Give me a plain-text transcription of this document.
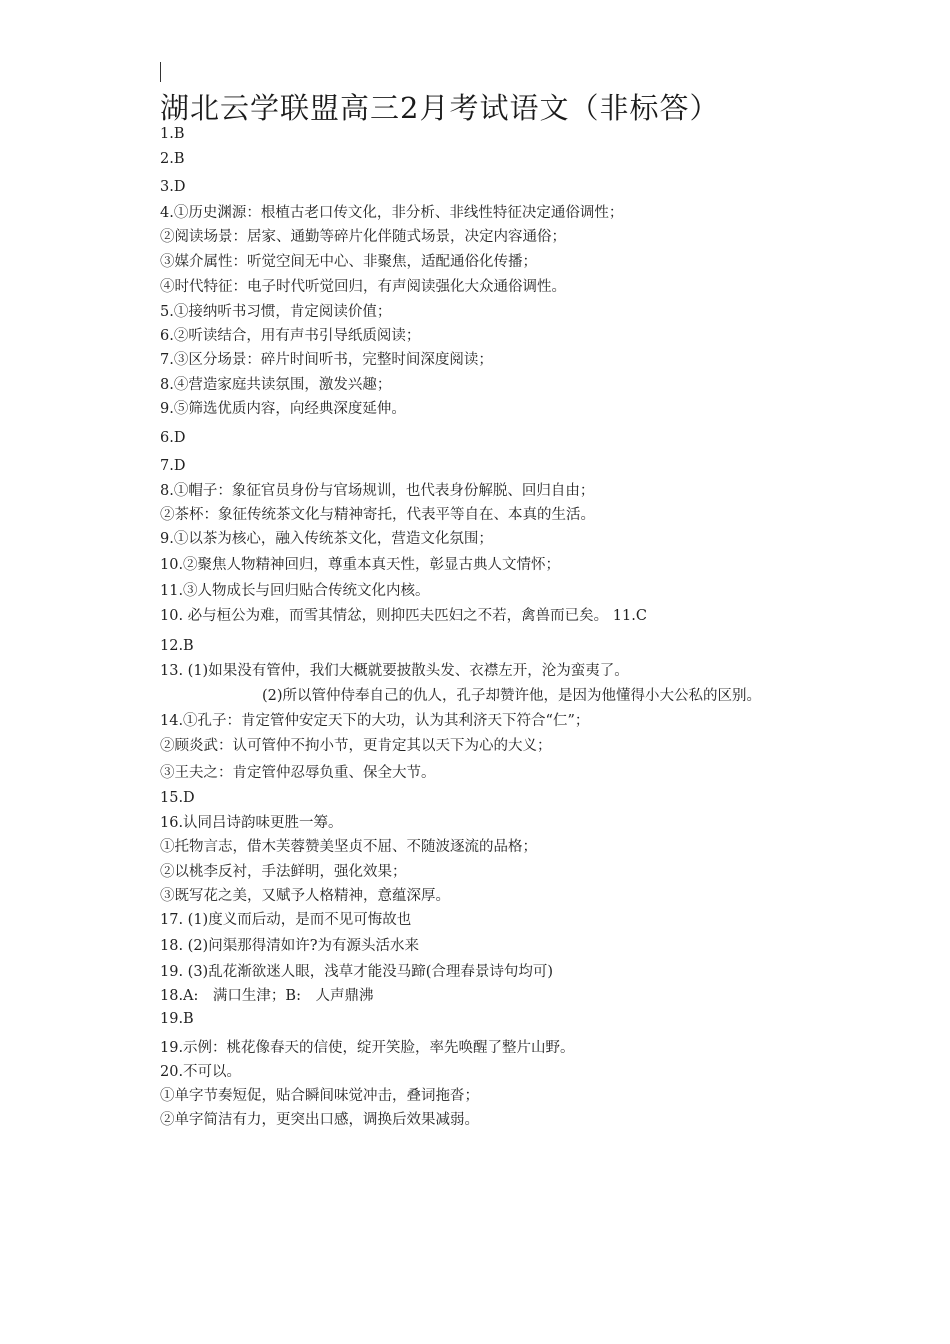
湖北云学联盟高三2月考试语文（非标答）
1.B
2.B
3.D
4.①历史渊源：根植古老口传文化，非分析、非线性特征决定通俗调性；
②阅读场景：居家、通勤等碎片化伴随式场景，决定内容通俗；
③媒介属性：听觉空间无中心、非聚焦，适配通俗化传播；
④时代特征：电子时代听觉回归，有声阅读强化大众通俗调性。
5.①接纳听书习惯，肯定阅读价值；
6.②听读结合，用有声书引导纸质阅读；
7.③区分场景：碎片时间听书，完整时间深度阅读；
8.④营造家庭共读氛围，激发兴趣；
9.⑤筛选优质内容，向经典深度延伸。
6.D
7.D
8.①帽子：象征官员身份与官场规训，也代表身份解脱、回归自由；
②茶杯：象征传统茶文化与精神寄托，代表平等自在、本真的生活。
9.①以茶为核心，融入传统茶文化，营造文化氛围；
10.②聚焦人物精神回归，尊重本真天性，彰显古典人文情怀；
11.③人物成长与回归贴合传统文化内核。
10. 必与桓公为难，而雪其情忿，则抑匹夫匹妇之不若，禽兽而已矣。 11.C
12.B
13. (1)如果没有管仲，我们大概就要披散头发、衣襟左开，沦为蛮夷了。
(2)所以管仲侍奉自己的仇人，孔子却赞许他，是因为他懂得小大公私的区别。
14.①孔子：肯定管仲安定天下的大功，认为其利济天下符合“仁”；
②顾炎武：认可管仲不拘小节，更肯定其以天下为心的大义；
③王夫之：肯定管仲忍辱负重、保全大节。
15.D
16.认同吕诗韵味更胜一筹。
①托物言志，借木芙蓉赞美坚贞不屈、不随波逐流的品格；
②以桃李反衬，手法鲜明，强化效果；
③既写花之美，又赋予人格精神，意蕴深厚。
17. (1)度义而后动，是而不见可悔故也
18. (2)问渠那得清如许?为有源头活水来
19. (3)乱花渐欲迷人眼，浅草才能没马蹄(合理春景诗句均可)
18.A:　满口生津；B:　人声鼎沸
19.B
19.示例：桃花像春天的信使，绽开笑脸，率先唤醒了整片山野。
20.不可以。
①单字节奏短促，贴合瞬间味觉冲击，叠词拖沓；
②单字简洁有力，更突出口感，调换后效果减弱。
